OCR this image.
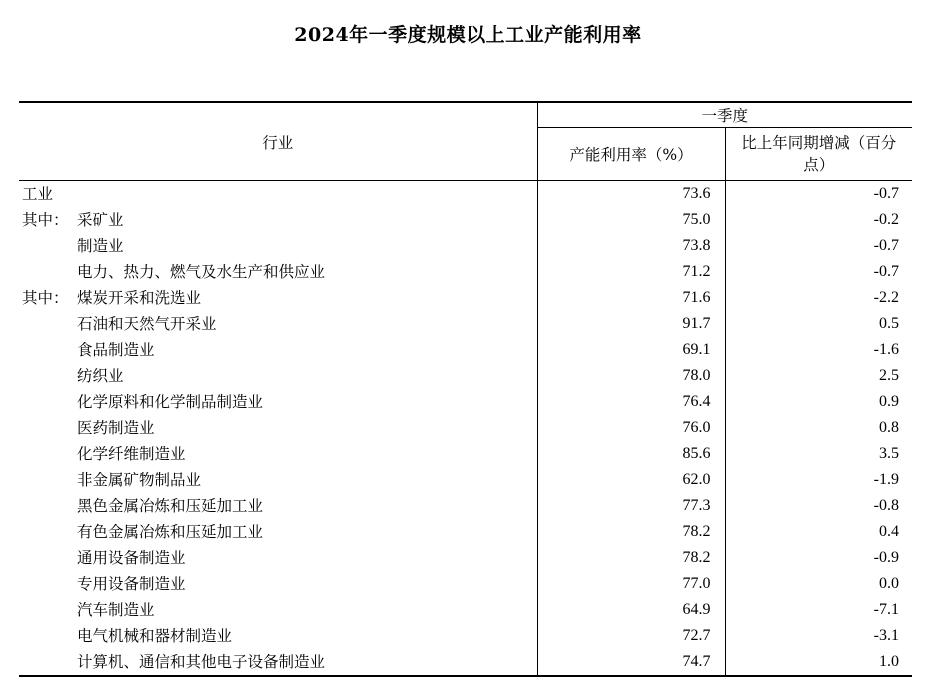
2024年一季度规模以上工业产能利用率
行业	一季度	
	产能利用率（%）	比上年同期增减（百分点）
工业	73.6	-0.7
其中： 采矿业	75.0	-0.2
制造业	73.8	-0.7
电力、热力、燃气及水生产和供应业	71.2	-0.7
其中： 煤炭开采和洗选业	71.6	-2.2
石油和天然气开采业	91.7	0.5
食品制造业	69.1	-1.6
纺织业	78.0	2.5
化学原料和化学制品制造业	76.4	0.9
医药制造业	76.0	0.8
化学纤维制造业	85.6	3.5
非金属矿物制品业	62.0	-1.9
黑色金属冶炼和压延加工业	77.3	-0.8
有色金属冶炼和压延加工业	78.2	0.4
通用设备制造业	78.2	-0.9
专用设备制造业	77.0	0.0
汽车制造业	64.9	-7.1
电气机械和器材制造业	72.7	-3.1
计算机、通信和其他电子设备制造业	74.7	1.0
